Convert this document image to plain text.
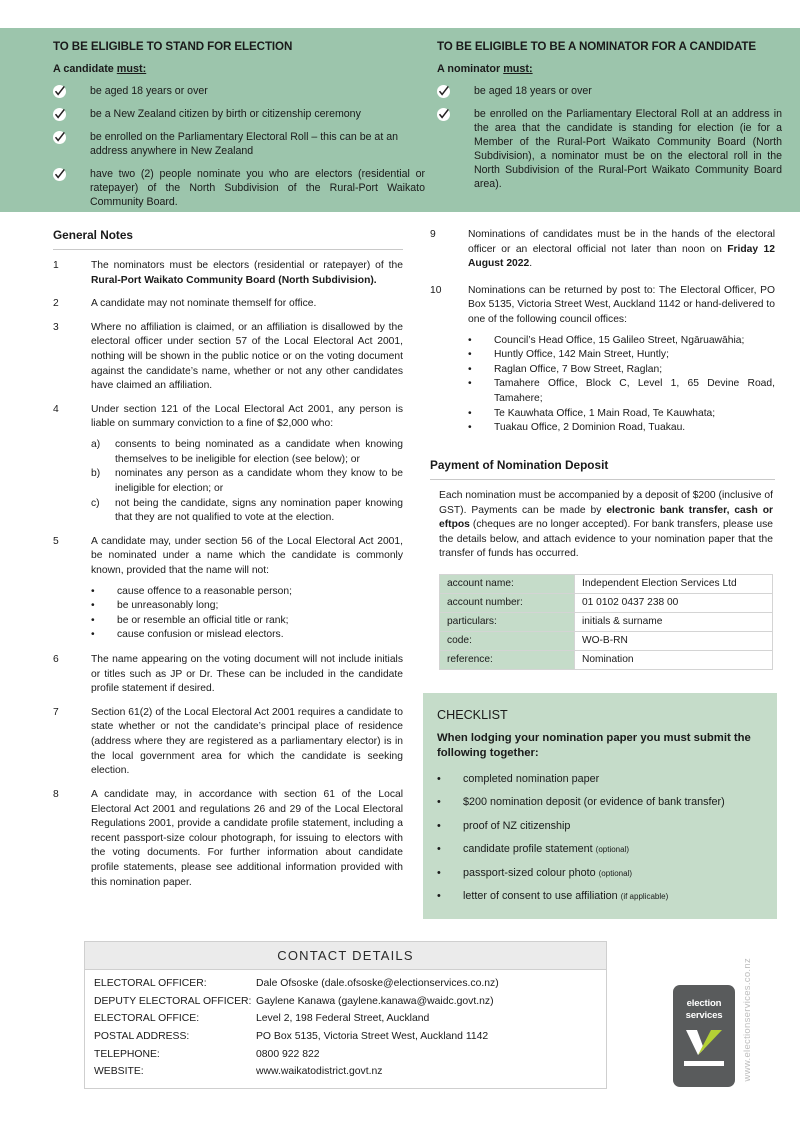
TO BE ELIGIBLE TO STAND FOR ELECTION
A candidate must:
be aged 18 years or over
be a New Zealand citizen by birth or citizenship ceremony
be enrolled on the Parliamentary Electoral Roll – this can be at an address anywhere in New Zealand
have two (2) people nominate you who are electors (residential or ratepayer) of the North Subdivision of the Rural-Port Waikato Community Board.
TO BE ELIGIBLE TO BE A NOMINATOR FOR A CANDIDATE
A nominator must:
be aged 18 years or over
be enrolled on the Parliamentary Electoral Roll at an address in the area that the candidate is standing for election (ie for a Member of the Rural-Port Waikato Community Board (North Subdivision), a nominator must be on the electoral roll in the North Subdivision of the Rural-Port Waikato Community Board area).
General Notes
1	The nominators must be electors (residential or ratepayer) of the Rural-Port Waikato Community Board (North Subdivision).
2	A candidate may not nominate themself for office.
3	Where no affiliation is claimed, or an affiliation is disallowed by the electoral officer under section 57 of the Local Electoral Act 2001, nothing will be shown in the public notice or on the voting document against the candidate’s name, whether or not any other candidates have claimed an affiliation.
4	Under section 121 of the Local Electoral Act 2001, any person is liable on summary conviction to a fine of $2,000 who:
a)	consents to being nominated as a candidate when knowing themselves to be ineligible for election (see below); or
b)	nominates any person as a candidate whom they know to be ineligible for election; or
c)	not being the candidate, signs any nomination paper knowing that they are not qualified to vote at the election.
5	A candidate may, under section 56 of the Local Electoral Act 2001, be nominated under a name which the candidate is commonly known, provided that the name will not:
•	cause offence to a reasonable person;
•	be unreasonably long;
•	be or resemble an official title or rank;
•	cause confusion or mislead electors.
6	The name appearing on the voting document will not include initials or titles such as JP or Dr. These can be included in the candidate profile statement if desired.
7	Section 61(2) of the Local Electoral Act 2001 requires a candidate to state whether or not the candidate’s principal place of residence (address where they are registered as a parliamentary elector) is in the local government area for which the candidate is seeking election.
8	A candidate may, in accordance with section 61 of the Local Electoral Act 2001 and regulations 26 and 29 of the Local Electoral Regulations 2001, provide a candidate profile statement, including a recent passport-size colour photograph, for issuing to electors with the voting documents. For further information about candidate profile statements, please see additional information provided with this nomination paper.
9	Nominations of candidates must be in the hands of the electoral officer or an electoral official not later than noon on Friday 12 August 2022.
10	Nominations can be returned by post to: The Electoral Officer, PO Box 5135, Victoria Street West, Auckland 1142 or hand-delivered to one of the following council offices:
•	Council’s Head Office, 15 Galileo Street, Ngāruawāhia;
•	Huntly Office, 142 Main Street, Huntly;
•	Raglan Office, 7 Bow Street, Raglan;
•	Tamahere Office, Block C, Level 1, 65 Devine Road, Tamahere;
•	Te Kauwhata Office, 1 Main Road, Te Kauwhata;
•	Tuakau Office, 2 Dominion Road, Tuakau.
Payment of Nomination Deposit
Each nomination must be accompanied by a deposit of $200 (inclusive of GST). Payments can be made by electronic bank transfer, cash or eftpos (cheques are no longer accepted). For bank transfers, please use the details below, and attach evidence to your nomination paper that the transfer of funds has occurred.
account name:	Independent Election Services Ltd
account number:	01 0102 0437 238 00
particulars:	initials & surname
code:	WO-B-RN
reference:	Nomination
CHECKLIST
When lodging your nomination paper you must submit the following together:
•	completed nomination paper
•	$200 nomination deposit (or evidence of bank transfer)
•	proof of NZ citizenship
•	candidate profile statement (optional)
•	passport-sized colour photo (optional)
•	letter of consent to use affiliation (if applicable)
CONTACT DETAILS
ELECTORAL OFFICER:	Dale Ofsoske (dale.ofsoske@electionservices.co.nz)
DEPUTY ELECTORAL OFFICER: Gaylene Kanawa (gaylene.kanawa@waidc.govt.nz)
ELECTORAL OFFICE:	Level 2, 198 Federal Street, Auckland
POSTAL ADDRESS:	PO Box 5135, Victoria Street West, Auckland 1142
TELEPHONE:	0800 922 822
WEBSITE:	www.waikatodistrict.govt.nz
election
services	www.electionservices.co.nz
